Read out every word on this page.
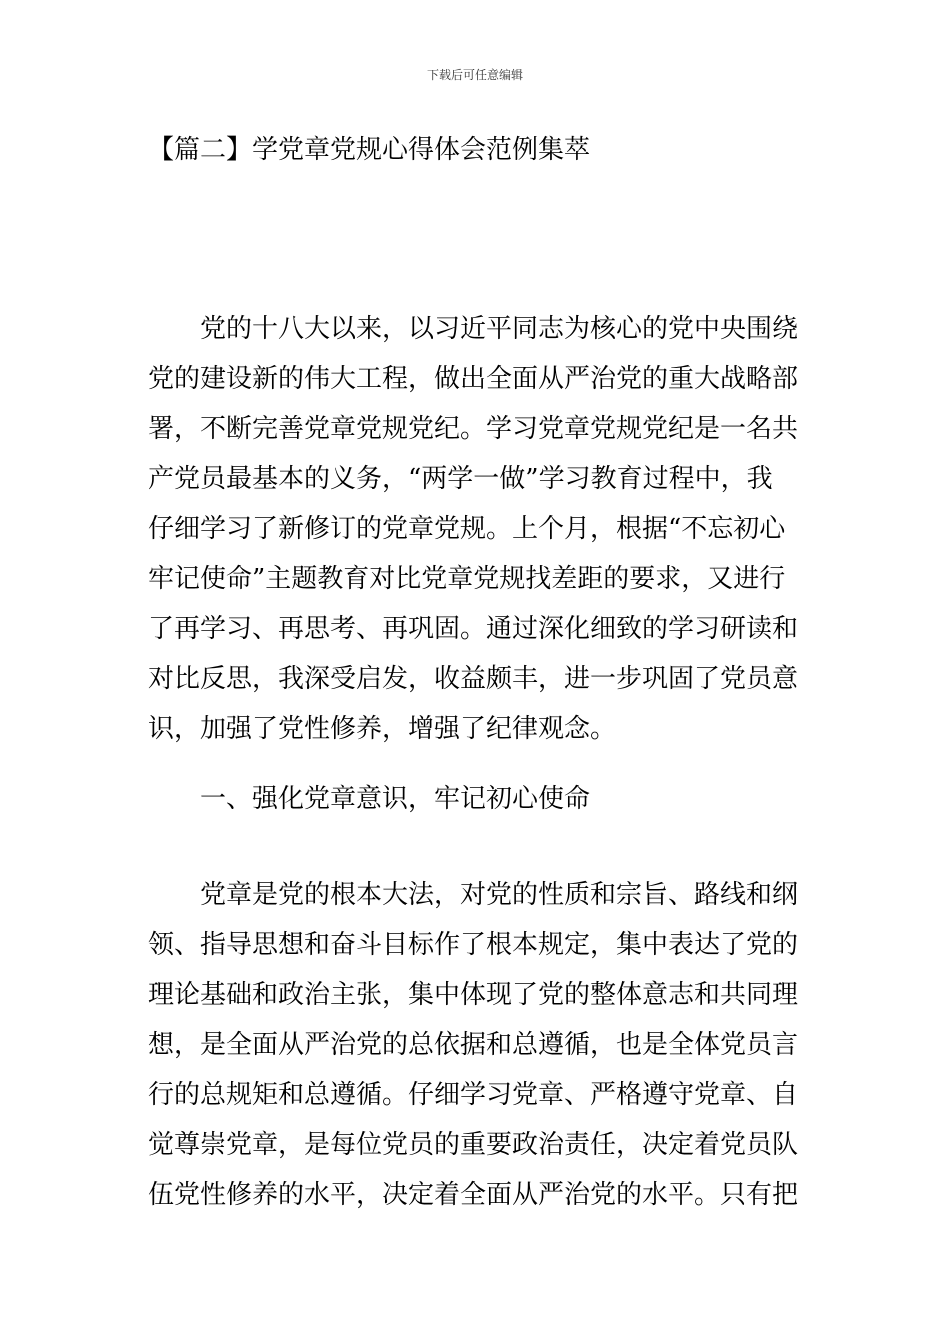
下载后可任意编辑
【篇二】学党章党规心得体会范例集萃

　　党的十八大以来，以习近平同志为核心的党中央围绕
党的建设新的伟大工程，做出全面从严治党的重大战略部
署，不断完善党章党规党纪。学习党章党规党纪是一名共
产党员最基本的义务，“两学一做”学习教育过程中，我
仔细学习了新修订的党章党规。上个月，根据“不忘初心
牢记使命”主题教育对比党章党规找差距的要求，又进行
了再学习、再思考、再巩固。通过深化细致的学习研读和
对比反思，我深受启发，收益颇丰，进一步巩固了党员意
识，加强了党性修养，增强了纪律观念。

　　一、强化党章意识，牢记初心使命

　　党章是党的根本大法，对党的性质和宗旨、路线和纲
领、指导思想和奋斗目标作了根本规定，集中表达了党的
理论基础和政治主张，集中体现了党的整体意志和共同理
想，是全面从严治党的总依据和总遵循，也是全体党员言
行的总规矩和总遵循。仔细学习党章、严格遵守党章、自
觉尊崇党章，是每位党员的重要政治责任，决定着党员队
伍党性修养的水平，决定着全面从严治党的水平。只有把
